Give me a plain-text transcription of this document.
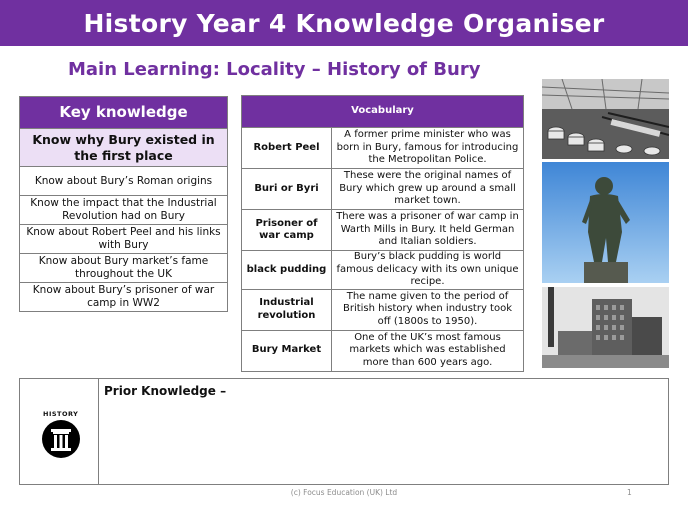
History Year 4 Knowledge Organiser
Main Learning: Locality – History of Bury
Key knowledge
Know why Bury existed in the first place
Know about Bury’s Roman origins
Know the impact that the Industrial Revolution had on Bury
Know about Robert Peel and his links with Bury
Know about Bury market’s fame throughout the UK
Know about Bury’s prisoner of war camp in WW2
Vocabulary	
Robert Peel	A former prime minister who was born in Bury, famous for introducing the Metropolitan Police.
Buri or Byri	These were the original names of Bury which grew up around a small market town.
Prisoner of war camp	There was a prisoner of war camp in Warth Mills in Bury. It held German and Italian soldiers.
black pudding	Bury’s black pudding is world famous delicacy with its own unique recipe.
Industrial revolution	The name given to the period of British history when industry took off (1800s to 1950).
Bury Market	One of the UK’s most famous markets which was established more than 600 years ago.
HISTORY
Prior Knowledge –
(c) Focus Education (UK) Ltd	1
